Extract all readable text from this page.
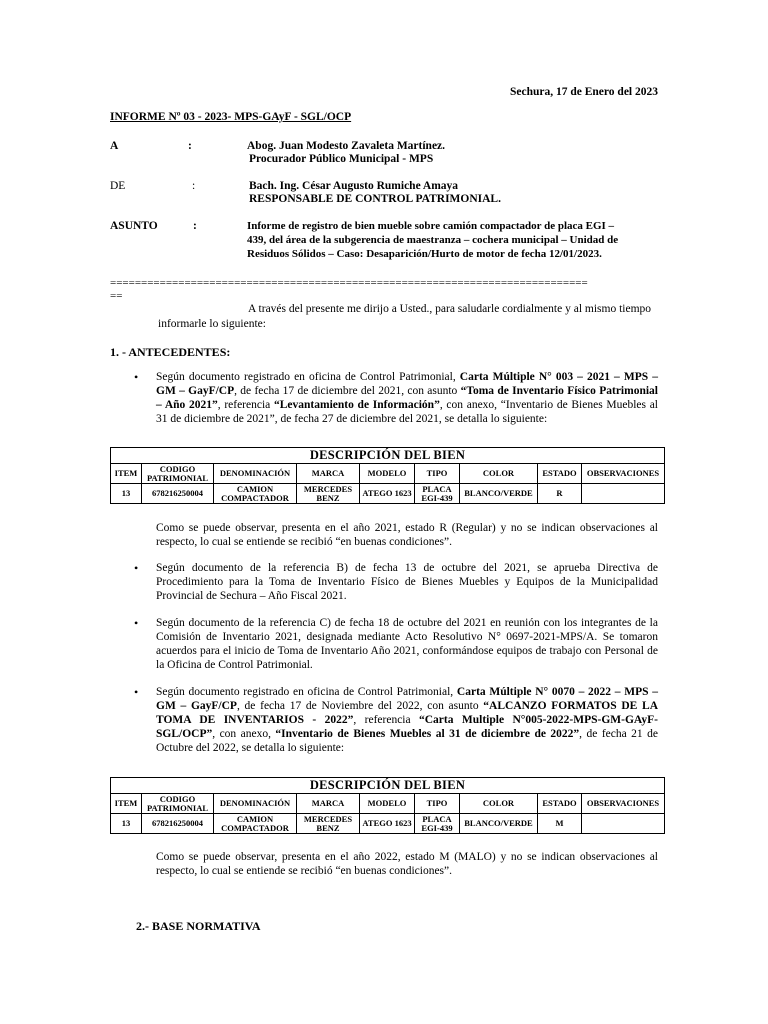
Sechura, 17 de Enero del 2023
INFORME Nº 03 - 2023- MPS-GAyF - SGL/OCP
A	:	Abog. Juan Modesto Zavaleta Martínez.
Procurador Público Municipal - MPS
DE	:	Bach. Ing. César Augusto Rumiche Amaya
RESPONSABLE DE CONTROL PATRIMONIAL.
ASUNTO	:	Informe de registro de bien mueble sobre camión compactador de placa EGI –
439, del área de la subgerencia de maestranza – cochera municipal – Unidad de
Residuos Sólidos – Caso: Desaparición/Hurto de motor de fecha 12/01/2023.
=============================================================================
==
A través del presente me dirijo a Usted., para saludarle cordialmente y al mismo tiempo
informarle lo siguiente:
1. - ANTECEDENTES:
• Según documento registrado en oficina de Control Patrimonial, Carta Múltiple N° 003 – 2021 – MPS – GM – GayF/CP, de fecha 17 de diciembre del 2021, con asunto “Toma de Inventario Físico Patrimonial – Año 2021”, referencia “Levantamiento de Información”, con anexo, “Inventario de Bienes Muebles al 31 de diciembre de 2021”, de fecha 27 de diciembre del 2021, se detalla lo siguiente:
DESCRIPCIÓN DEL BIEN								
ITEM	CODIGO PATRIMONIAL	DENOMINACIÓN	MARCA	MODELO	TIPO	COLOR	ESTADO	OBSERVACIONES
13	678216250004	CAMION COMPACTADOR	MERCEDES BENZ	ATEGO 1623	PLACA EGI-439	BLANCO/VERDE	R	
Como se puede observar, presenta en el año 2021, estado R (Regular) y no se indican observaciones al respecto, lo cual se entiende se recibió “en buenas condiciones”.
• Según documento de la referencia B) de fecha 13 de octubre del 2021, se aprueba Directiva de Procedimiento para la Toma de Inventario Físico de Bienes Muebles y Equipos de la Municipalidad Provincial de Sechura – Año Fiscal 2021.
• Según documento de la referencia C) de fecha 18 de octubre del 2021 en reunión con los integrantes de la Comisión de Inventario 2021, designada mediante Acto Resolutivo N° 0697-2021-MPS/A. Se tomaron acuerdos para el inicio de Toma de Inventario Año 2021, conformándose equipos de trabajo con Personal de la Oficina de Control Patrimonial.
• Según documento registrado en oficina de Control Patrimonial, Carta Múltiple N° 0070 – 2022 – MPS – GM – GayF/CP, de fecha 17 de Noviembre del 2022, con asunto “ALCANZO FORMATOS DE LA TOMA DE INVENTARIOS - 2022”, referencia “Carta Multiple N°005-2022-MPS-GM-GAyF-SGL/OCP”, con anexo, “Inventario de Bienes Muebles al 31 de diciembre de 2022”, de fecha 21 de Octubre del 2022, se detalla lo siguiente:
DESCRIPCIÓN DEL BIEN								
ITEM	CODIGO PATRIMONIAL	DENOMINACIÓN	MARCA	MODELO	TIPO	COLOR	ESTADO	OBSERVACIONES
13	678216250004	CAMION COMPACTADOR	MERCEDES BENZ	ATEGO 1623	PLACA EGI-439	BLANCO/VERDE	M	
Como se puede observar, presenta en el año 2022, estado M (MALO) y no se indican observaciones al respecto, lo cual se entiende se recibió “en buenas condiciones”.
2.- BASE NORMATIVA
